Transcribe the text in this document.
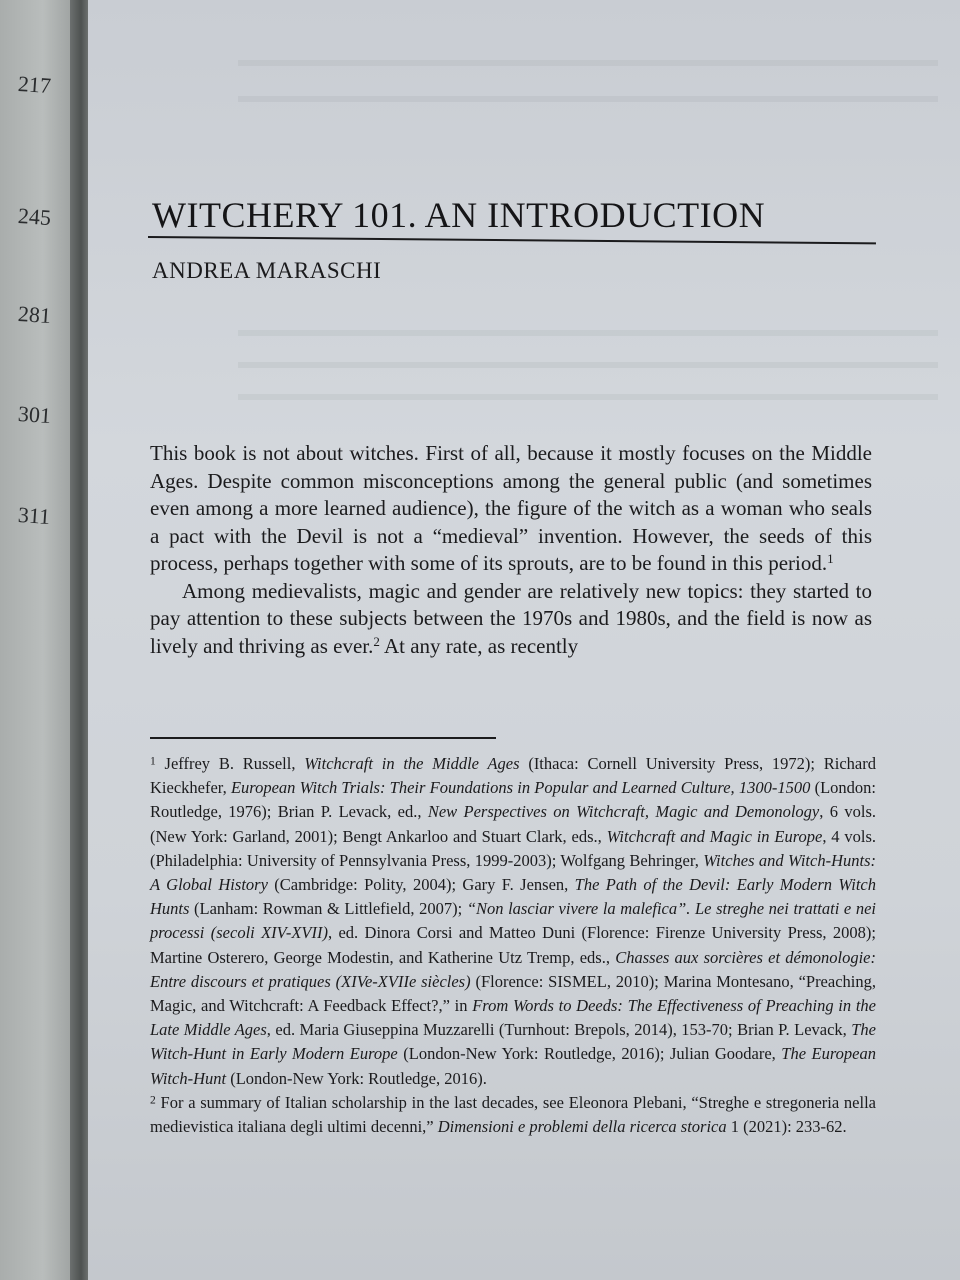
217
245
281
301
311
WITCHERY 101. AN INTRODUCTION
ANDREA MARASCHI

This book is not about witches. First of all, because it mostly focuses on the Middle Ages. Despite common misconceptions among the general public (and sometimes even among a more learned audience), the figure of the witch as a woman who seals a pact with the Devil is not a “medieval” invention. However, the seeds of this process, perhaps together with some of its sprouts, are to be found in this period.$^1$

Among medievalists, magic and gender are relatively new topics: they started to pay attention to these subjects between the 1970s and 1980s, and the field is now as lively and thriving as ever.$^2$ At any rate, as recently

$^1$ Jeffrey B. Russell, Witchcraft in the Middle Ages (Ithaca: Cornell University Press, 1972); Richard Kieckhefer, European Witch Trials: Their Foundations in Popular and Learned Culture, 1300-1500 (London: Routledge, 1976); Brian P. Levack, ed., New Perspectives on Witchcraft, Magic and Demonology, 6 vols. (New York: Garland, 2001); Bengt Ankarloo and Stuart Clark, eds., Witchcraft and Magic in Europe, 4 vols. (Philadelphia: University of Pennsylvania Press, 1999-2003); Wolfgang Behringer, Witches and Witch-Hunts: A Global History (Cambridge: Polity, 2004); Gary F. Jensen, The Path of the Devil: Early Modern Witch Hunts (Lanham: Rowman & Littlefield, 2007); “Non lasciar vivere la malefica”. Le streghe nei trattati e nei processi (secoli XIV-XVII), ed. Dinora Corsi and Matteo Duni (Florence: Firenze University Press, 2008); Martine Osterero, George Modestin, and Katherine Utz Tremp, eds., Chasses aux sorcières et démonologie: Entre discours et pratiques (XIVe-XVIIe siècles) (Florence: SISMEL, 2010); Marina Montesano, “Preaching, Magic, and Witchcraft: A Feedback Effect?,” in From Words to Deeds: The Effectiveness of Preaching in the Late Middle Ages, ed. Maria Giuseppina Muzzarelli (Turnhout: Brepols, 2014), 153-70; Brian P. Levack, The Witch-Hunt in Early Modern Europe (London-New York: Routledge, 2016); Julian Goodare, The European Witch-Hunt (London-New York: Routledge, 2016).

$^2$ For a summary of Italian scholarship in the last decades, see Eleonora Plebani, “Streghe e stregoneria nella medievistica italiana degli ultimi decenni,” Dimensioni e problemi della ricerca storica 1 (2021): 233-62.
